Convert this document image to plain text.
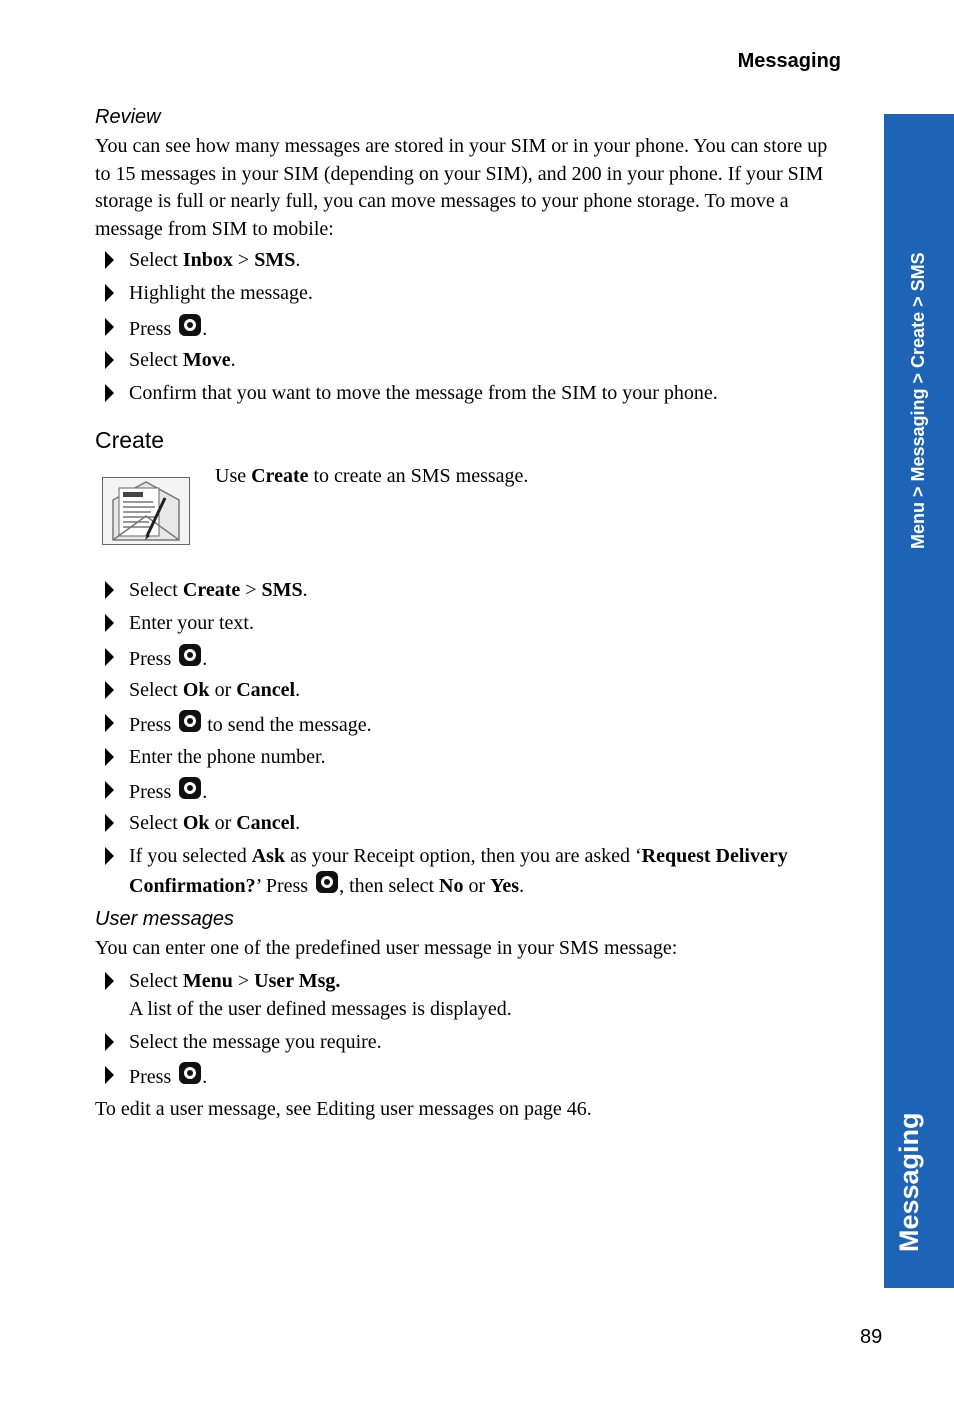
Messaging
Menu > Messaging > Create > SMS
Messaging
Review
You can see how many messages are stored in your SIM or in your phone. You can store up to 15 messages in your SIM (depending on your SIM), and 200 in your phone. If your SIM storage is full or nearly full, you can move messages to your phone storage. To move a message from SIM to mobile:
Select Inbox > SMS.
Highlight the message.
Press .
Select Move.
Confirm that you want to move the message from the SIM to your phone.
Create
Use Create to create an SMS message.
Select Create > SMS.
Enter your text.
Press .
Select Ok or Cancel.
Press  to send the message.
Enter the phone number.
Press .
Select Ok or Cancel.
If you selected Ask as your Receipt option, then you are asked ‘Request Delivery Confirmation?’ Press , then select No or Yes.
User messages
You can enter one of the predefined user message in your SMS message:
Select Menu > User Msg.
A list of the user defined messages is displayed.
Select the message you require.
Press .
To edit a user message, see Editing user messages on page 46.
89
